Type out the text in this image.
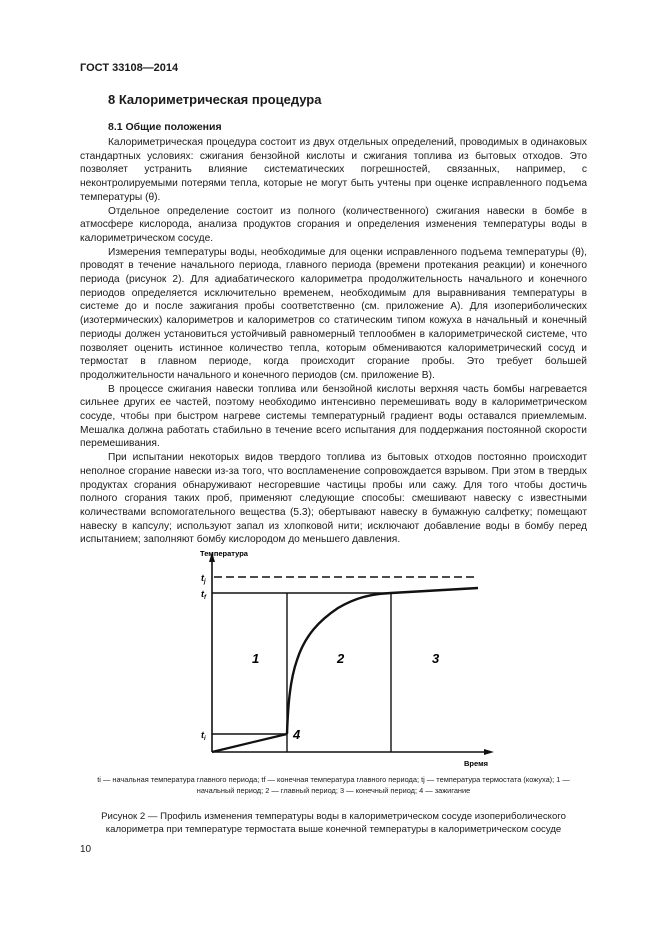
ГОСТ 33108—2014
8 Калориметрическая процедура
8.1 Общие положения

Калориметрическая процедура состоит из двух отдельных определений, проводимых в одинаковых стандартных условиях: сжигания бензойной кислоты и сжигания топлива из бытовых отходов. Это позволяет устранить влияние систематических погрешностей, связанных, например, с неконтролируемыми потерями тепла, которые не могут быть учтены при оценке исправленного подъема температуры (θ).

Отдельное определение состоит из полного (количественного) сжигания навески в бомбе в атмосфере кислорода, анализа продуктов сгорания и определения изменения температуры воды в калориметрическом сосуде.

Измерения температуры воды, необходимые для оценки исправленного подъема температуры (θ), проводят в течение начального периода, главного периода (времени протекания реакции) и конечного периода (рисунок 2). Для адиабатического калориметра продолжительность начального и конечного периодов определяется исключительно временем, необходимым для выравнивания температуры в системе до и после зажигания пробы соответственно (см. приложение А). Для изопериболических (изотермических) калориметров и калориметров со статическим типом кожуха в начальный и конечный периоды должен установиться устойчивый равномерный теплообмен в калориметрической системе, что позволяет оценить истинное количество тепла, которым обмениваются калориметрический сосуд и термостат в главном периоде, когда происходит сгорание пробы. Это требует большей продолжительности начального и конечного периодов (см. приложение В).

В процессе сжигания навески топлива или бензойной кислоты верхняя часть бомбы нагревается сильнее других ее частей, поэтому необходимо интенсивно перемешивать воду в калориметрическом сосуде, чтобы при быстром нагреве системы температурный градиент воды оставался приемлемым. Мешалка должна работать стабильно в течение всего испытания для поддержания постоянной скорости перемешивания.

При испытании некоторых видов твердого топлива из бытовых отходов постоянно происходит неполное сгорание навески из-за того, что воспламенение сопровождается взрывом. При этом в твердых продуктах сгорания обнаруживают несгоревшие частицы пробы или сажу. Для того чтобы достичь полного сгорания таких проб, применяют следующие способы: смешивают навеску с известными количествами вспомогательного вещества (5.3); обертывают навеску в бумажную салфетку; помещают навеску в капсулу; используют запал из хлопковой нити; исключают добавление воды в бомбу перед испытанием; заполняют бомбу кислородом до меньшего давления.

Температура
Время
$t_j$
$t_f$
$t_i$
1	2	3
4
ti — начальная температура главного периода; tf — конечная температура главного периода; tj — температура термостата (кожуха); 1 — начальный период; 2 — главный период; 3 — конечный период; 4 — зажигание
Рисунок 2 — Профиль изменения температуры воды в калориметрическом сосуде изопериболического калориметра при температуре термостата выше конечной температуры в калориметрическом сосуде
10
